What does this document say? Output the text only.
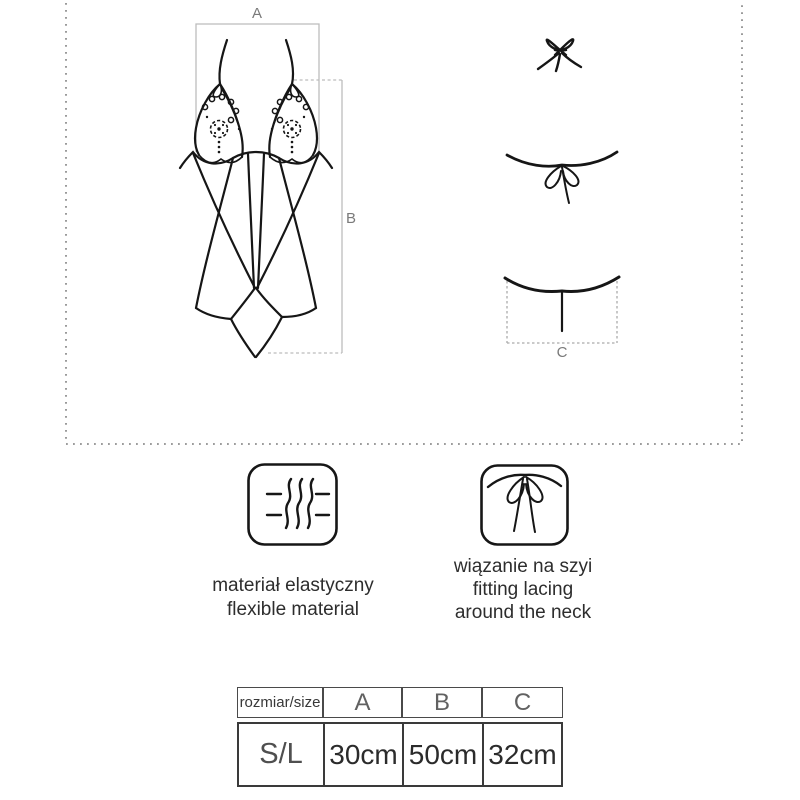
A
B
C
materiał elastyczny
flexible material
wiązanie na szyi
fitting lacing
around the neck
rozmiar/size	A	B	C
S/L 30cm 50cm 32cm
